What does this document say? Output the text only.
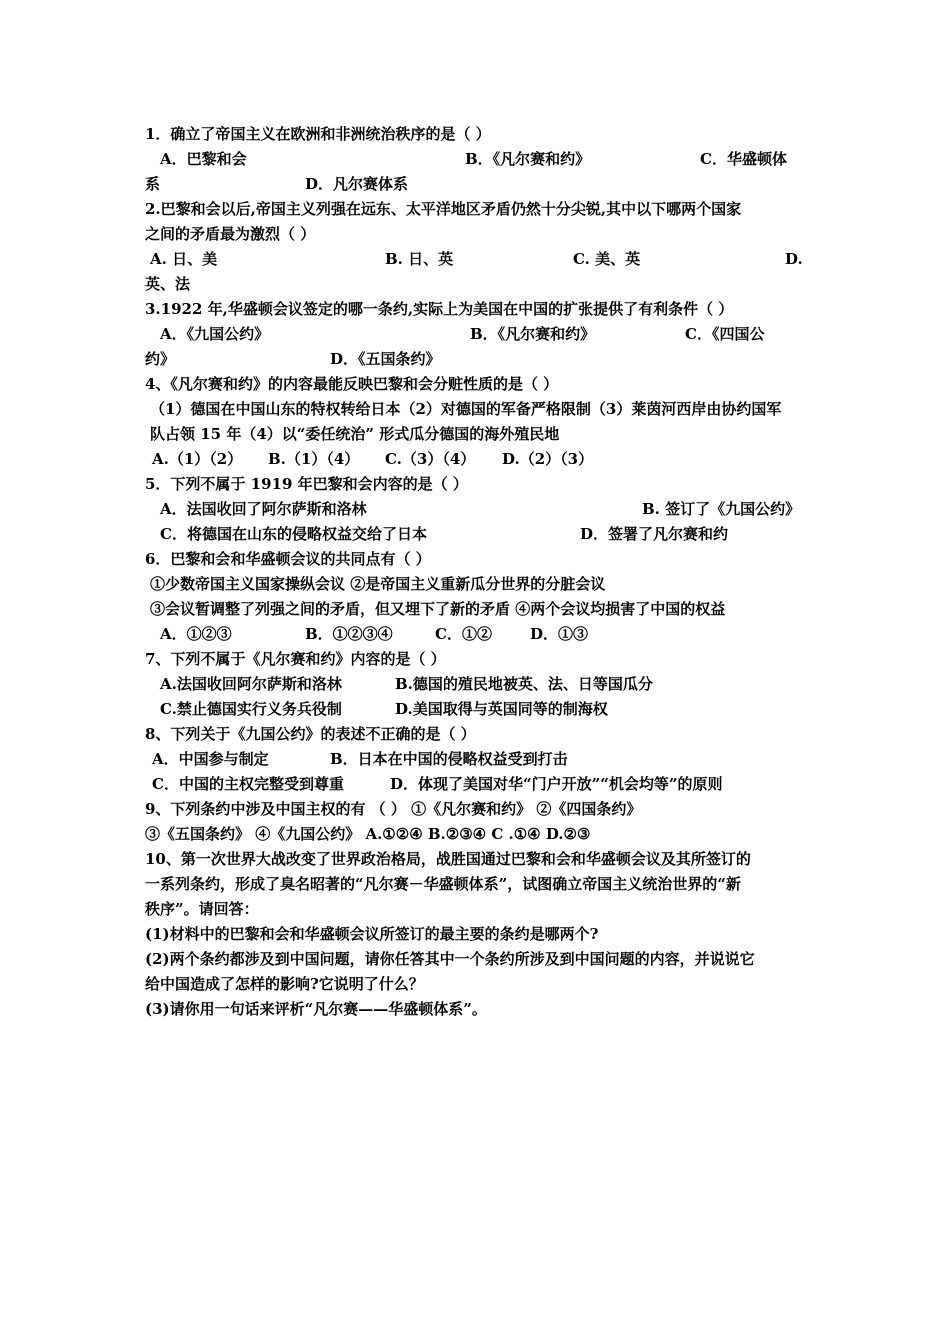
1．确立了帝国主义在欧洲和非洲统治秩序的是（ ）
A．巴黎和会	B．《凡尔赛和约》	C．华盛顿体
系	D．凡尔赛体系
2.巴黎和会以后,帝国主义列强在远东、太平洋地区矛盾仍然十分尖锐,其中以下哪两个国家
之间的矛盾最为激烈（ ）
A. 日、美	B. 日、英	C. 美、英	D.
英、法
3.1922 年,华盛顿会议签定的哪一条约,实际上为美国在中国的扩张提供了有利条件（ ）
A．《九国公约》	B．《凡尔赛和约》	C．《四国公
约》	D．《五国条约》
4、《凡尔赛和约》的内容最能反映巴黎和会分赃性质的是（ ）
（1）德国在中国山东的特权转给日本（2）对德国的军备严格限制（3）莱茵河西岸由协约国军
队占领 15 年（4）以“委任统治” 形式瓜分德国的海外殖民地
A.（1）（2） B.（1）（4） C.（3）（4） D.（2）（3）
5．下列不属于 1919 年巴黎和会内容的是（ ）
A．法国收回了阿尔萨斯和洛林	B. 签订了《九国公约》
C．将德国在山东的侵略权益交给了日本	D．签署了凡尔赛和约
6．巴黎和会和华盛顿会议的共同点有（ ）
①少数帝国主义国家操纵会议 ②是帝国主义重新瓜分世界的分脏会议
③会议暂调整了列强之间的矛盾，但又埋下了新的矛盾 ④两个会议均损害了中国的权益
A．①②③	B．①②③④	C．①②	D．①③
7、下列不属于《凡尔赛和约》内容的是（ ）
A.法国收回阿尔萨斯和洛林	B.德国的殖民地被英、法、日等国瓜分
C.禁止德国实行义务兵役制	D.美国取得与英国同等的制海权
8、下列关于《九国公约》的表述不正确的是（ ）
A．中国参与制定	B．日本在中国的侵略权益受到打击
C．中国的主权完整受到尊重	D．体现了美国对华“门户开放”“机会均等”的原则
9、下列条约中涉及中国主权的有 （ ） ①《凡尔赛和约》 ②《四国条约》
③《五国条约》 ④《九国公约》 A.①②④ B.②③④ C .①④ D.②③
10、第一次世界大战改变了世界政治格局，战胜国通过巴黎和会和华盛顿会议及其所签订的
一系列条约，形成了臭名昭著的“凡尔赛－华盛顿体系”，试图确立帝国主义统治世界的“新
秩序”。请回答：
(1)材料中的巴黎和会和华盛顿会议所签订的最主要的条约是哪两个?
(2)两个条约都涉及到中国问题，请你任答其中一个条约所涉及到中国问题的内容，并说说它
给中国造成了怎样的影响?它说明了什么？
(3)请你用一句话来评析“凡尔赛——华盛顿体系”。
